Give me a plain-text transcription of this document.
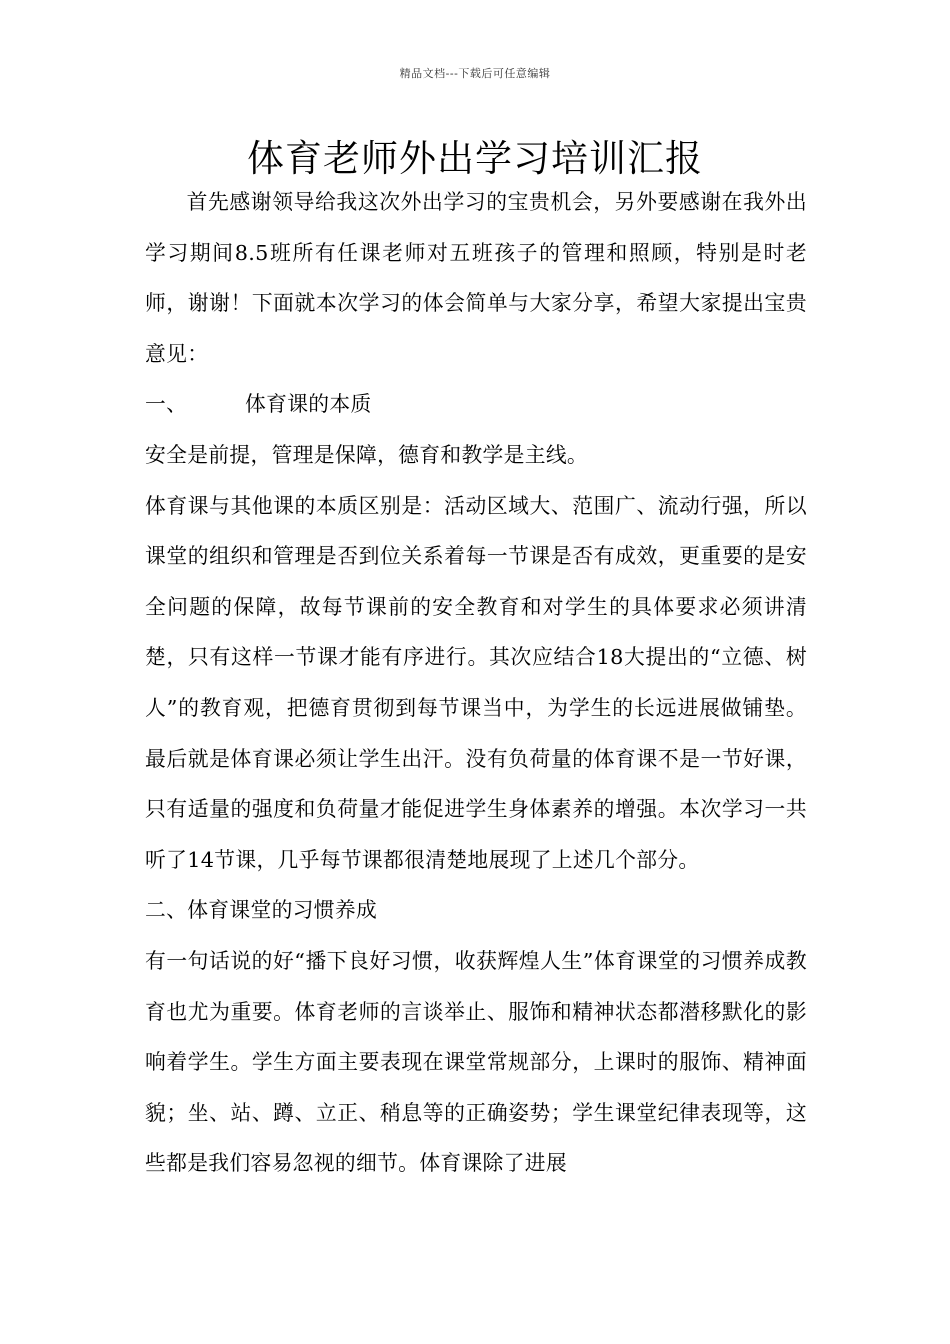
精品文档---下载后可任意编辑
体育老师外出学习培训汇报

首先感谢领导给我这次外出学习的宝贵机会，另外要感谢在我外出学习期间8.5班所有任课老师对五班孩子的管理和照顾，特别是时老师，谢谢！下面就本次学习的体会简单与大家分享，希望大家提出宝贵意见：

一、	体育课的本质

安全是前提，管理是保障，德育和教学是主线。

体育课与其他课的本质区别是：活动区域大、范围广、流动行强，所以课堂的组织和管理是否到位关系着每一节课是否有成效，更重要的是安全问题的保障，故每节课前的安全教育和对学生的具体要求必须讲清楚，只有这样一节课才能有序进行。其次应结合18大提出的“立德、树人”的教育观，把德育贯彻到每节课当中，为学生的长远进展做铺垫。最后就是体育课必须让学生出汗。没有负荷量的体育课不是一节好课，只有适量的强度和负荷量才能促进学生身体素养的增强。本次学习一共听了14节课，几乎每节课都很清楚地展现了上述几个部分。

二、体育课堂的习惯养成

有一句话说的好“播下良好习惯，收获辉煌人生”体育课堂的习惯养成教育也尤为重要。体育老师的言谈举止、服饰和精神状态都潜移默化的影响着学生。学生方面主要表现在课堂常规部分，上课时的服饰、精神面貌；坐、站、蹲、立正、稍息等的正确姿势；学生课堂纪律表现等，这些都是我们容易忽视的细节。体育课除了进展
